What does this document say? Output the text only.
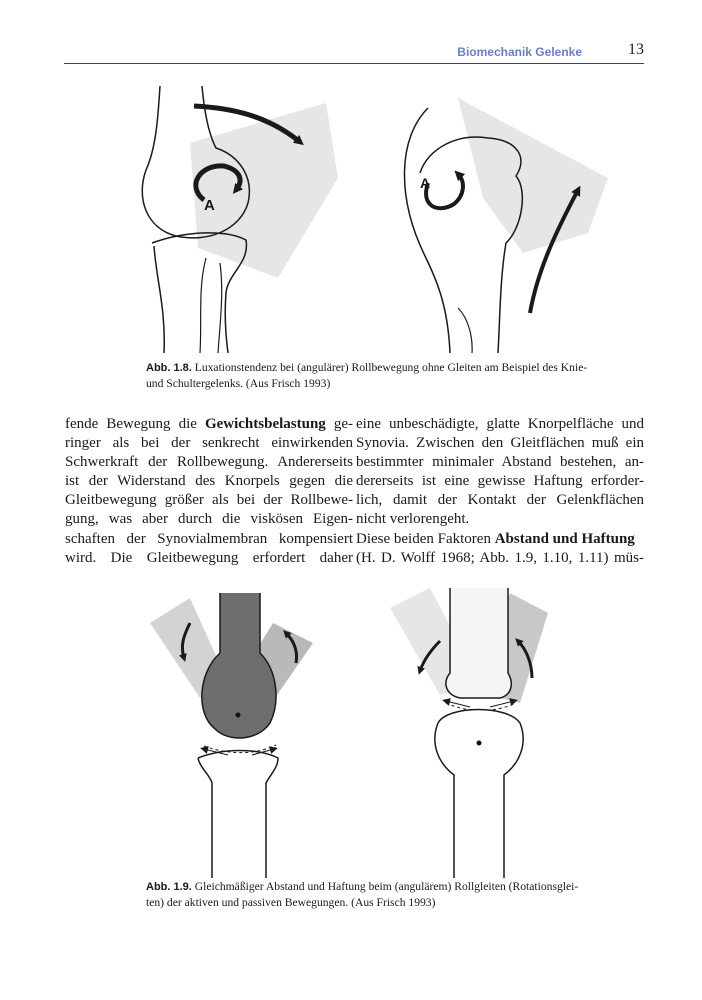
Biomechanik Gelenke	13
A
A
Abb. 1.8. Luxationstendenz bei (angulärer) Rollbewegung ohne Gleiten am Beispiel des Knie-
und Schultergelenks. (Aus Frisch 1993)
fende Bewegung die Gewichtsbelastung ge-
ringer als bei der senkrecht einwirkenden
Schwerkraft der Rollbewegung. Andererseits
ist der Widerstand des Knorpels gegen die
Gleitbewegung größer als bei der Rollbewe-
gung, was aber durch die viskösen Eigen-
schaften der Synovialmembran kompensiert
wird. Die Gleitbewegung erfordert daher
eine unbeschädigte, glatte Knorpelfläche und
Synovia. Zwischen den Gleitflächen muß ein
bestimmter minimaler Abstand bestehen, an-
dererseits ist eine gewisse Haftung erforder-
lich, damit der Kontakt der Gelenkflächen
nicht verlorengeht.
Diese beiden Faktoren Abstand und Haftung
(H. D. Wolff 1968; Abb. 1.9, 1.10, 1.11) müs-
Abb. 1.9. Gleichmäßiger Abstand und Haftung beim (angulärem) Rollgleiten (Rotationsglei-
ten) der aktiven und passiven Bewegungen. (Aus Frisch 1993)
